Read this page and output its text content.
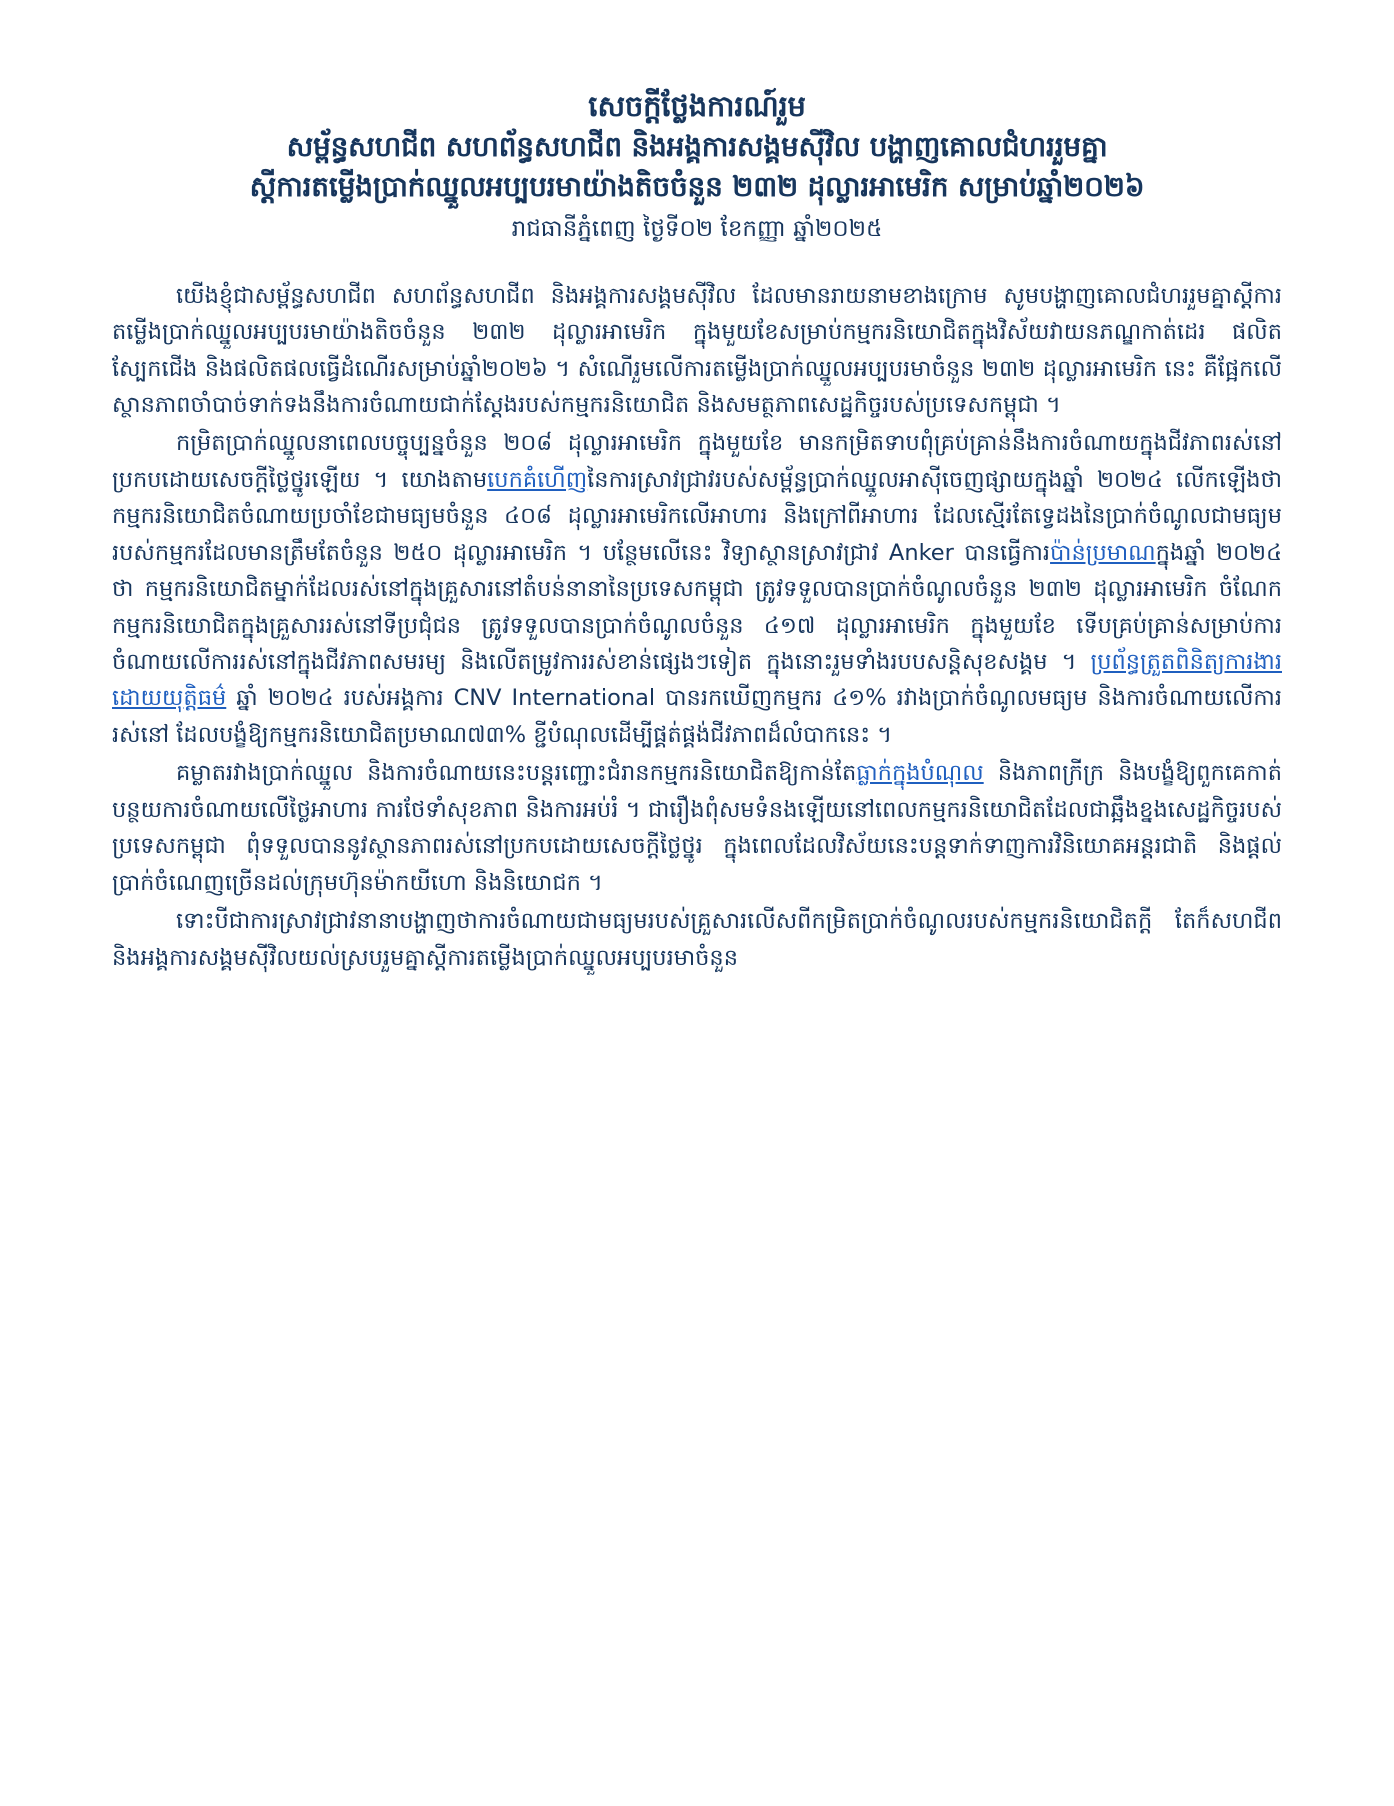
សេចក្តីថ្លែងការណ៍រួម
សម្ព័ន្ធសហជីព សហព័ន្ធសហជីព និងអង្គការសង្គមស៊ីវិល បង្ហាញគោលជំហររួមគ្នា
ស្តីការតម្លើងប្រាក់ឈ្នួលអប្បបរមាយ៉ាងតិចចំនួន ២៣២ ដុល្លារអាមេរិក សម្រាប់ឆ្នាំ២០២៦
រាជធានីភ្នំពេញ ថ្ងៃទី០២ ខែកញ្ញា ឆ្នាំ២០២៥

យើងខ្ញុំជាសម្ព័ន្ធសហជីព សហព័ន្ធសហជីព និងអង្គការសង្គមស៊ីវិល ដែលមានរាយនាមខាងក្រោម សូមបង្ហាញគោលជំហររួមគ្នាស្តីការតម្លើងប្រាក់ឈ្នួលអប្បបរមាយ៉ាងតិចចំនួន ២៣២ ដុល្លារអាមេរិក ក្នុងមួយខែសម្រាប់កម្មករនិយោជិតក្នុងវិស័យវាយនភណ្ឌកាត់ដេរ ផលិតស្បែកជើង និងផលិតផលធ្វើដំណើរសម្រាប់ឆ្នាំ២០២៦ ។ សំណើរួមលើការតម្លើងប្រាក់ឈ្នួលអប្បបរមាចំនួន ២៣២ ដុល្លារអាមេរិក នេះ គឺផ្អែកលើស្ថានភាពចាំបាច់ទាក់ទងនឹងការចំណាយជាក់ស្តែងរបស់កម្មករនិយោជិត និងសមត្ថភាពសេដ្ឋកិច្ចរបស់ប្រទេសកម្ពុជា ។

កម្រិតប្រាក់ឈ្នួលនាពេលបច្ចុប្បន្នចំនួន ២០៨ ដុល្លារអាមេរិក ក្នុងមួយខែ មានកម្រិតទាបពុំគ្រប់គ្រាន់នឹងការចំណាយក្នុងជីវភាពរស់នៅប្រកបដោយសេចក្តីថ្លៃថ្នូរឡើយ ។ យោងតាមបេកគំហើញនៃការស្រាវជ្រាវរបស់សម្ព័ន្ធប្រាក់ឈ្នួលអាស៊ីចេញផ្សាយក្នុងឆ្នាំ ២០២៤ លើកឡើងថា កម្មករនិយោជិតចំណាយប្រចាំខែជាមធ្យមចំនួន ៤០៨ ដុល្លារអាមេរិកលើអាហារ និងក្រៅពីអាហារ ដែលស្មើរតែទ្វេដងនៃប្រាក់ចំណូលជាមធ្យមរបស់កម្មករដែលមានត្រឹមតែចំនួន ២៥០ ដុល្លារអាមេរិក ។ បន្ថែមលើនេះ វិទ្យាស្ថានស្រាវជ្រាវ Anker បានធ្វើការប៉ាន់ប្រមាណក្នុងឆ្នាំ ២០២៤ ថា កម្មករនិយោជិតម្នាក់ដែលរស់នៅក្នុងគ្រួសារនៅតំបន់នានានៃប្រទេសកម្ពុជា ត្រូវទទួលបានប្រាក់ចំណូលចំនួន ២៣២ ដុល្លារអាមេរិក ចំណែកកម្មករនិយោជិតក្នុងគ្រួសាររស់នៅទីប្រជុំជន ត្រូវទទួលបានប្រាក់ចំណូលចំនួន ៤១៧ ដុល្លារអាមេរិក ក្នុងមួយខែ ទើបគ្រប់គ្រាន់សម្រាប់ការចំណាយលើការរស់នៅក្នុងជីវភាពសមរម្យ និងលើតម្រូវការរស់ខាន់ផ្សេងៗទៀត ក្នុងនោះរួមទាំងរបបសន្តិសុខសង្គម ។ ប្រព័ន្ធត្រួតពិនិត្យការងារដោយយុត្តិធម៌ ឆ្នាំ ២០២៤ របស់អង្គការ CNV International បានរកឃើញកម្មករ ៤១% រវាងប្រាក់ចំណូលមធ្យម និងការចំណាយលើការរស់នៅ ដែលបង្ខំឱ្យកម្មករនិយោជិតប្រមាណ៧៣% ខ្ជីបំណុលដើម្បីផ្គត់ផ្គង់ជីវភាពដ៏លំបាកនេះ ។

គម្លាតរវាងប្រាក់ឈ្នួល និងការចំណាយនេះបន្តរញ្ជោះជំរានកម្មករនិយោជិតឱ្យកាន់តែធ្លាក់ក្នុងបំណុល និងភាពក្រីក្រ និងបង្ខំឱ្យពួកគេកាត់បន្ថយការចំណាយលើថ្លៃអាហារ ការថែទាំសុខភាព និងការអប់រំ ។ ជារឿងពុំសមទំនងឡើយនៅពេលកម្មករនិយោជិតដែលជាឆ្អឹងខ្នងសេដ្ឋកិច្ចរបស់ប្រទេសកម្ពុជា ពុំទទួលបាននូវស្ថានភាពរស់នៅប្រកបដោយសេចក្តីថ្លៃថ្នូរ ក្នុងពេលដែលវិស័យនេះបន្តទាក់ទាញការវិនិយោគអន្តរជាតិ និងផ្តល់ប្រាក់ចំណេញច្រើនដល់ក្រុមហ៊ុនម៉ាកយីហោ និងនិយោជក ។

ទោះបីជាការស្រាវជ្រាវនានាបង្ហាញថាការចំណាយជាមធ្យមរបស់គ្រួសារលើសពីកម្រិតប្រាក់ចំណូលរបស់កម្មករនិយោជិតក្តី តែក៏សហជីព និងអង្គការសង្គមស៊ីវិលយល់ស្របរួមគ្នាស្តីការតម្លើងប្រាក់ឈ្នួលអប្បបរមាចំនួន
